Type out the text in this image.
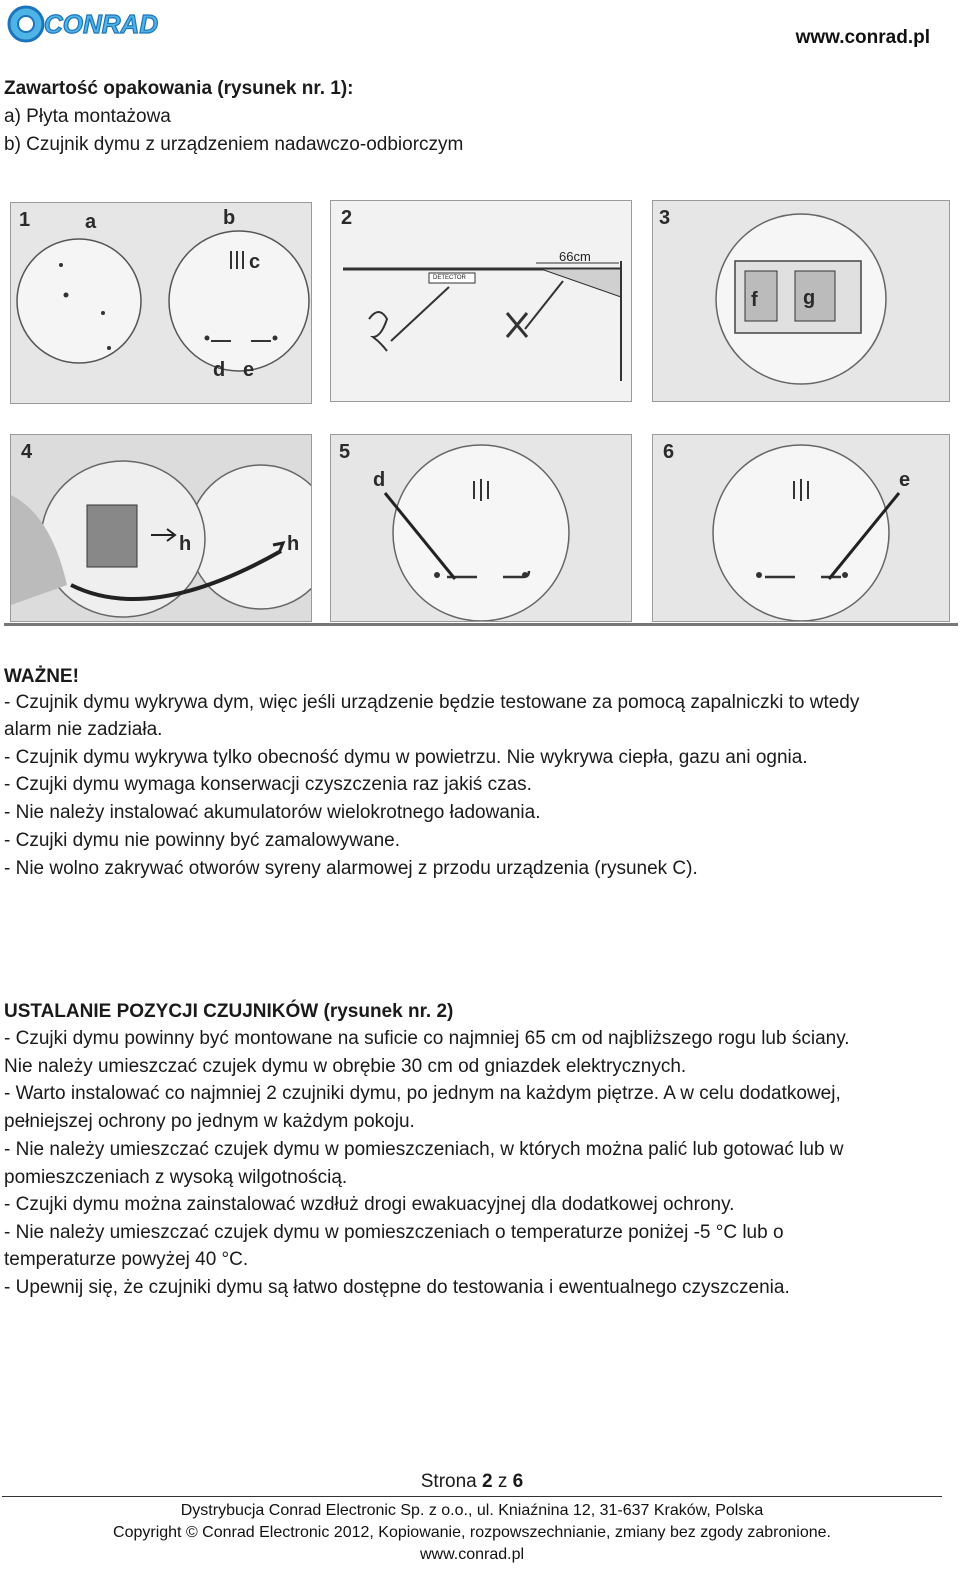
CONRAD	www.conrad.pl
Zawartość opakowania (rysunek nr. 1):
a) Płyta montażowa
b) Czujnik dymu z urządzeniem nadawczo-odbiorczym
1	a	b
c
d e
2
66cm
DETECTOR
3
f g
4
h	h
5
d
6
e
WAŻNE!
- Czujnik dymu wykrywa dym, więc jeśli urządzenie będzie testowane za pomocą zapalniczki to wtedy
alarm nie zadziała.
- Czujnik dymu wykrywa tylko obecność dymu w powietrzu. Nie wykrywa ciepła, gazu ani ognia.
- Czujki dymu wymaga konserwacji czyszczenia raz jakiś czas.
- Nie należy instalować akumulatorów wielokrotnego ładowania.
- Czujki dymu nie powinny być zamalowywane.
- Nie wolno zakrywać otworów syreny alarmowej z przodu urządzenia (rysunek C).
USTALANIE POZYCJI CZUJNIKÓW (rysunek nr. 2)
- Czujki dymu powinny być montowane na suficie co najmniej 65 cm od najbliższego rogu lub ściany.
Nie należy umieszczać czujek dymu w obrębie 30 cm od gniazdek elektrycznych.
- Warto instalować co najmniej 2 czujniki dymu, po jednym na każdym piętrze. A w celu dodatkowej,
pełniejszej ochrony po jednym w każdym pokoju.
- Nie należy umieszczać czujek dymu w pomieszczeniach, w których można palić lub gotować lub w
pomieszczeniach z wysoką wilgotnością.
- Czujki dymu można zainstalować wzdłuż drogi ewakuacyjnej dla dodatkowej ochrony.
- Nie należy umieszczać czujek dymu w pomieszczeniach o temperaturze poniżej -5 °C lub o
temperaturze powyżej 40 °C.
- Upewnij się, że czujniki dymu są łatwo dostępne do testowania i ewentualnego czyszczenia.
Strona 2 z 6
Dystrybucja Conrad Electronic Sp. z o.o., ul. Kniaźnina 12, 31-637 Kraków, Polska
Copyright © Conrad Electronic 2012, Kopiowanie, rozpowszechnianie, zmiany bez zgody zabronione.
www.conrad.pl
